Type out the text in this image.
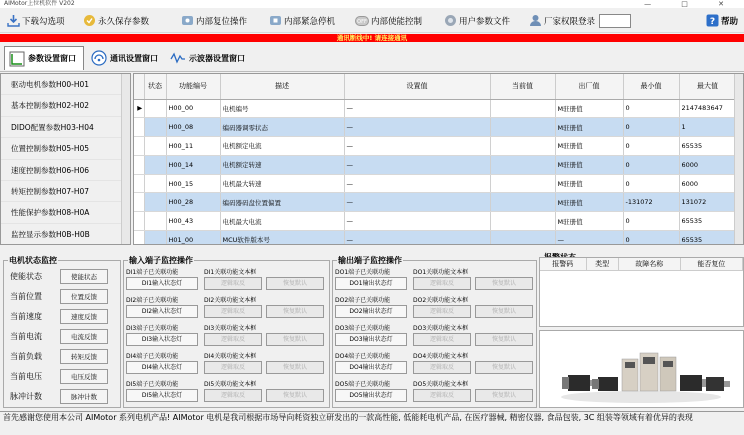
AIMotor上位机软件 V202	— □ ✕
下载勾选项	永久保存参数	内部复位操作	内部紧急停机	OFF 内部使能控制	用户参数文件	厂家权限登录	? 帮助
通讯断线中! 请连接通讯
参数设置窗口	通讯设置窗口	示波器设置窗口
驱动电机参数H00-H01
基本控制参数H02-H02
DIDO配置参数H03-H04
位置控制参数H05-H05
速度控制参数H06-H06
转矩控制参数H07-H07
性能保护参数H08-H0A
监控显示参数H0B-H0B
	状态	功能编号	描述	设置值	当前值	出厂值	最小值	最大值
▶		H00_00	电机编号	—		M驻册值	0	2147483647
		H00_08	编码器调零状态	—		M驻册值	0	1
		H00_11	电机额定电流	—		M驻册值	0	65535
		H00_14	电机额定转速	—		M驻册值	0	6000
		H00_15	电机最大转速	—		M驻册值	0	6000
		H00_28	编码器码盘位置偏置	—		M驻册值	-131072	131072
		H00_43	电机最大电流	—		M驻册值	0	65535
		H01_00	MCU软件版本号	—		—	0	65535

电机状态监控
使能状态	使能状态
当前位置	位置反馈
当前速度	速度反馈
当前电流	电流反馈
当前负载	转矩反馈
当前电压	电压反馈
脉冲计数	脉冲计数
输入端子监控操作
DI1端子已关联功能	DI1关联功能文本框
DI1输入状态灯	逻辑取反	恢复默认
DI2端子已关联功能	DI2关联功能文本框
DI2输入状态灯	逻辑取反	恢复默认
DI3端子已关联功能	DI3关联功能文本框
DI3输入状态灯	逻辑取反	恢复默认
DI4端子已关联功能	DI4关联功能文本框
DI4输入状态灯	逻辑取反	恢复默认
DI5端子已关联功能	DI5关联功能文本框
DI5输入状态灯	逻辑取反	恢复默认
输出端子监控操作
DO1端子已关联功能	DO1关联功能文本框
DO1输出状态灯	逻辑取反	恢复默认
DO2端子已关联功能	DO2关联功能文本框
DO2输出状态灯	逻辑取反	恢复默认
DO3端子已关联功能	DO3关联功能文本框
DO3输出状态灯	逻辑取反	恢复默认
DO4端子已关联功能	DO4关联功能文本框
DO4输出状态灯	逻辑取反	恢复默认
DO5端子已关联功能	DO5关联功能文本框
DO5输出状态灯	逻辑取反	恢复默认
报警码	类型	故障名称	能否复位
首先感谢您使用本公司 AIMotor 系列电机产品! AIMotor 电机是我司根据市场导向耗资独立研发出的一款高性能, 低能耗电机产品, 在医疗器械, 精密仪器, 食品包装, 3C 组装等领域有着优异的表现
